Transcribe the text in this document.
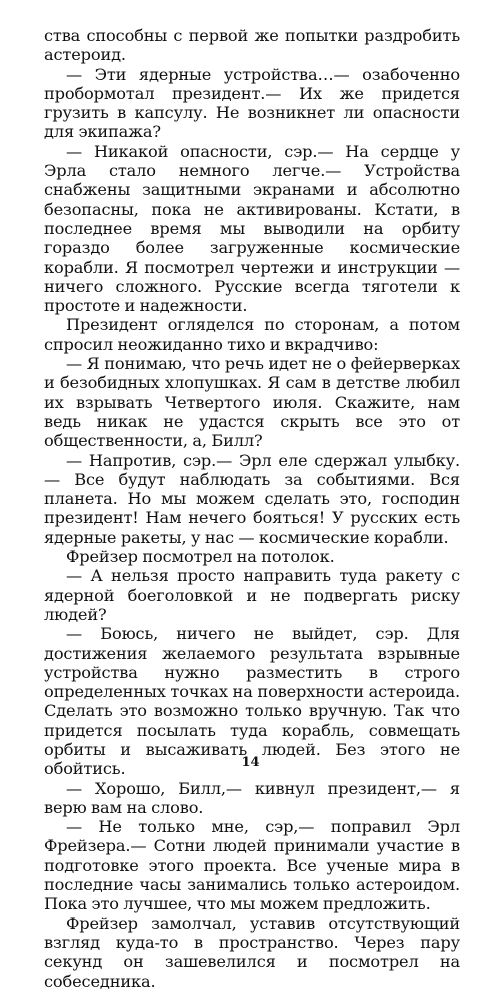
ства способны с первой же попытки раздробить астероид.

— Эти ядерные устройства…— озабоченно пробормотал президент.— Их же придется грузить в капсулу. Не возникнет ли опасности для экипажа?

— Никакой опасности, сэр.— На сердце у Эрла стало немного легче.— Устройства снабжены защитными экранами и абсолютно безопасны, пока не активированы. Кстати, в последнее время мы выводили на орбиту гораздо более загруженные космические корабли. Я посмотрел чертежи и инструкции — ничего сложного. Русские всегда тяготели к простоте и надежности.

Президент огляделся по сторонам, а потом спросил неожиданно тихо и вкрадчиво:

— Я понимаю, что речь идет не о фейерверках и безобидных хлопушках. Я сам в детстве любил их взрывать Четвертого июля. Скажите, нам ведь никак не удастся скрыть все это от общественности, а, Билл?

— Напротив, сэр.— Эрл еле сдержал улыбку.— Все будут наблюдать за событиями. Вся планета. Но мы можем сделать это, господин президент! Нам нечего бояться! У русских есть ядерные ракеты, у нас — космические корабли.

Фрейзер посмотрел на потолок.

— А нельзя просто направить туда ракету с ядерной боеголовкой и не подвергать риску людей?

— Боюсь, ничего не выйдет, сэр. Для достижения желаемого результата взрывные устройства нужно разместить в строго определенных точках на поверхности астероида. Сделать это возможно только вручную. Так что придется посылать туда корабль, совмещать орбиты и высаживать людей. Без этого не обойтись.

— Хорошо, Билл,— кивнул президент,— я верю вам на слово.

— Не только мне, сэр,— поправил Эрл Фрейзера.— Сотни людей принимали участие в подготовке этого проекта. Все ученые мира в последние часы занимались только астероидом. Пока это лучшее, что мы можем предложить.

Фрейзер замолчал, уставив отсутствующий взгляд куда-то в пространство. Через пару секунд он зашевелился и посмотрел на собеседника.

14
